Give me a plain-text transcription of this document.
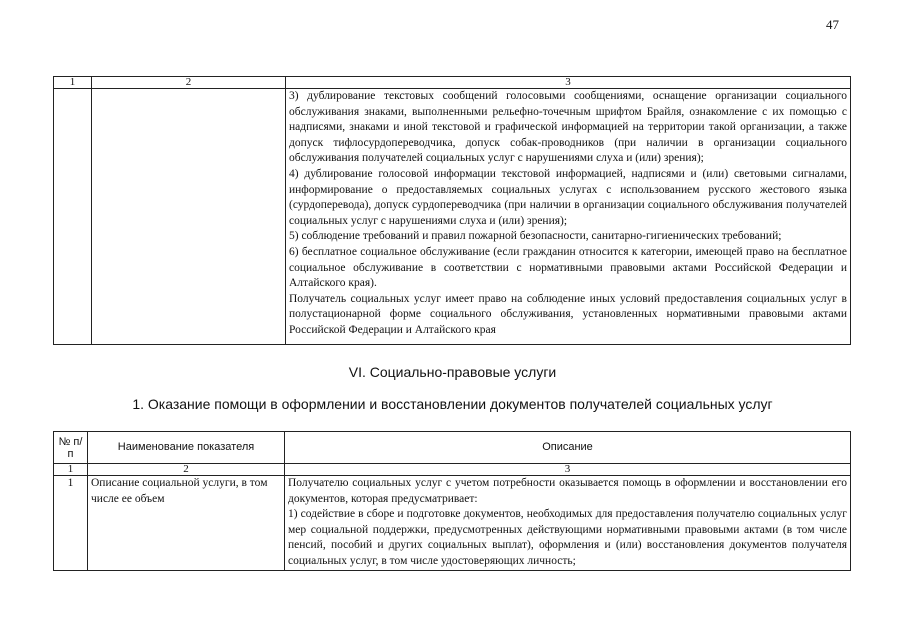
47
1	2	3

		3) дублирование текстовых сообщений голосовыми сообщениями, оснащение организации социального обслуживания знаками, выполненными рельефно-точечным шрифтом Брайля, ознакомление с их помощью с надписями, знаками и иной текстовой и графической информацией на территории такой организации, а также допуск тифлосурдопереводчика, допуск собак-проводников (при наличии в организации социального обслуживания получателей социальных услуг с нарушениями слуха и (или) зрения);

4) дублирование голосовой информации текстовой информацией, надписями и (или) световыми сигналами, информирование о предоставляемых социальных услугах с использованием русского жестового языка (сурдоперевода), допуск сурдопереводчика (при наличии в организации социального обслуживания получателей социальных услуг с нарушениями слуха и (или) зрения);

5) соблюдение требований и правил пожарной безопасности, санитарно-гигиенических требований;

6) бесплатное социальное обслуживание (если гражданин относится к категории, имеющей право на бесплатное социальное обслуживание в соответствии с нормативными правовыми актами Российской Федерации и Алтайского края).

Получатель социальных услуг имеет право на соблюдение иных условий предоставления социальных услуг в полустационарной форме социального обслуживания, установленных нормативными правовыми актами Российской Федерации и Алтайского края

VI. Социально-правовые услуги
1. Оказание помощи в оформлении и восстановлении документов получателей социальных услуг
№ п/п	Наименование показателя	Описание
1	2	3
1	Описание социальной услуги, в том числе ее объем	Получателю социальных услуг с учетом потребности оказывается помощь в оформлении и восстановлении его документов, которая предусматривает:

1) содействие в сборе и подготовке документов, необходимых для предоставления получателю социальных услуг мер социальной поддержки, предусмотренных действующими нормативными правовыми актами (в том числе пенсий, пособий и других социальных выплат), оформления и (или) восстановления документов получателя социальных услуг, в том числе удостоверяющих личность;
